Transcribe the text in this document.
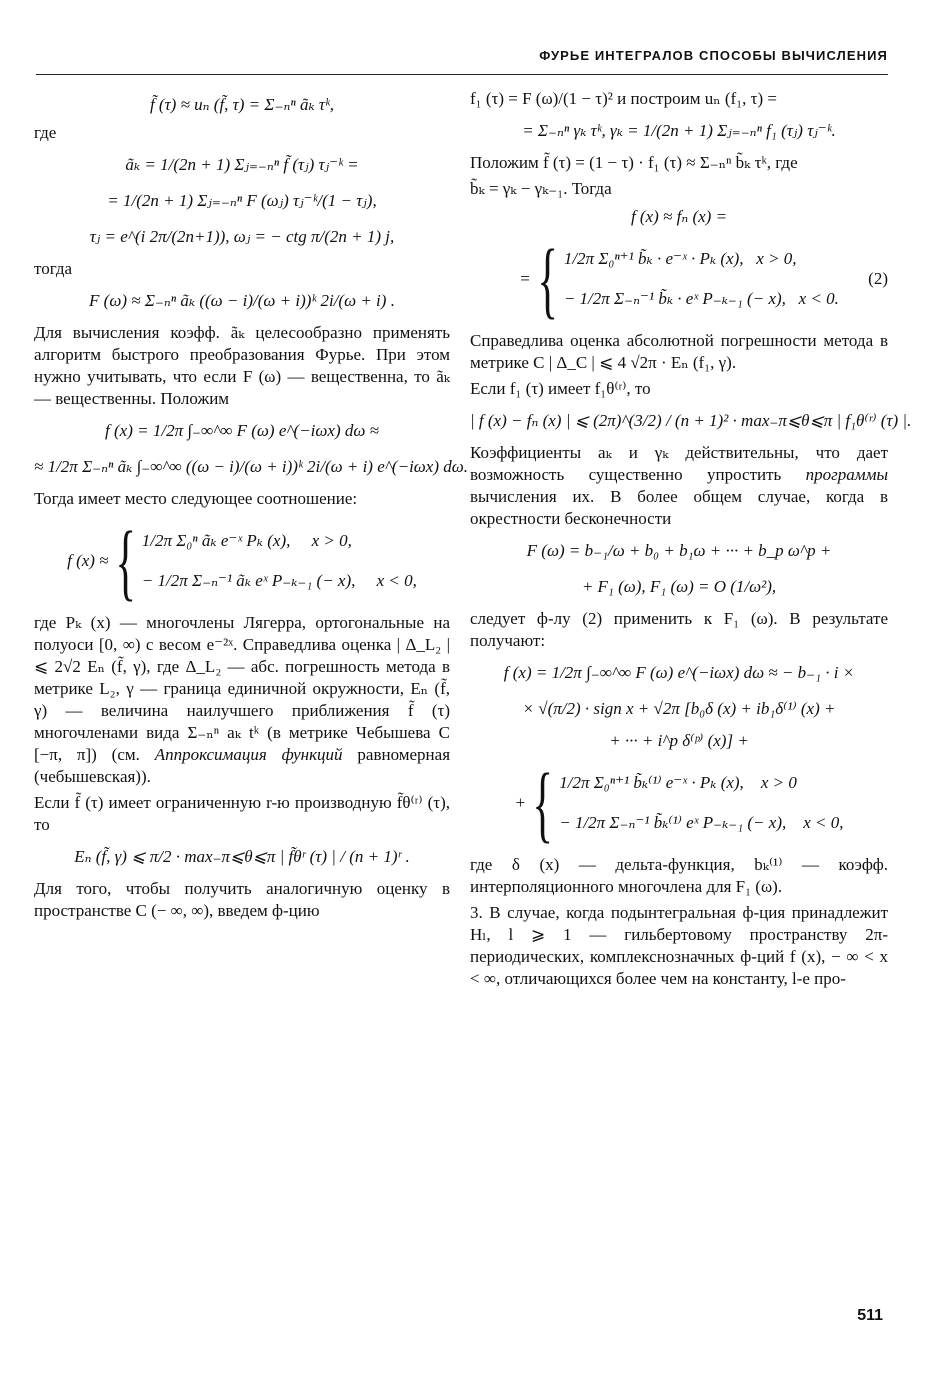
ФУРЬЕ ИНТЕГРАЛОВ СПОСОБЫ ВЫЧИСЛЕНИЯ
f̃ (τ) ≈ uₙ (f̃, τ) = Σ₋ₙⁿ ãₖ τᵏ,

где

ãₖ = 1/(2n + 1) Σⱼ₌₋ₙⁿ f̃ (τⱼ) τⱼ⁻ᵏ =
= 1/(2n + 1) Σⱼ₌₋ₙⁿ F (ωⱼ) τⱼ⁻ᵏ/(1 − τⱼ),
τⱼ = e^(i 2π/(2n+1)), ωⱼ = − ctg π/(2n + 1) j,

тогда

F (ω) ≈ Σ₋ₙⁿ ãₖ ((ω − i)/(ω + i))ᵏ 2i/(ω + i) .

Для вычисления коэфф. ãₖ целесообразно применять алгоритм быстрого преобразования Фурье. При этом нужно учитывать, что если F (ω) — вещественна, то ãₖ — вещественны. Положим

f (x) = 1/2π ∫₋∞^∞ F (ω) e^(−iωx) dω ≈
≈ 1/2π Σ₋ₙⁿ ãₖ ∫₋∞^∞ ((ω − i)/(ω + i))ᵏ 2i/(ω + i) e^(−iωx) dω.

Тогда имеет место следующее соотношение:

f (x) ≈ { 1/2π Σ₀ⁿ ãₖ e⁻ˣ Pₖ (x), x > 0,
− 1/2π Σ₋ₙ⁻¹ ãₖ eˣ P₋ₖ₋₁ (− x), x < 0,

где Pₖ (x) — многочлены Лягерра, ортогональные на полуоси [0, ∞) с весом e⁻²ˣ. Справедлива оценка | Δ_L₂ | ⩽ 2√2 Eₙ (f̃, γ), где Δ_L₂ — абс. погрешность метода в метрике L₂, γ — граница единичной окружности, Eₙ (f̃, γ) — величина наилучшего приближения f̃ (τ) многочленами вида Σ₋ₙⁿ aₖ tᵏ (в метрике Чебышева C [−π, π]) (см. Аппроксимация функций равномерная (чебышевская)).

Если f̃ (τ) имеет ограниченную r-ю производную f̃θ⁽ʳ⁾ (τ), то

Eₙ (f̃, γ) ⩽ π/2 · max₋π⩽θ⩽π | f̃θʳ (τ) | / (n + 1)ʳ .

Для того, чтобы получить аналогичную оценку в пространстве C (− ∞, ∞), введем ф-цию

f₁ (τ) = F (ω)/(1 − τ)² и построим uₙ (f₁, τ) =

= Σ₋ₙⁿ γₖ τᵏ, γₖ = 1/(2n + 1) Σⱼ₌₋ₙⁿ f₁ (τⱼ) τⱼ⁻ᵏ.

Положим f̃ (τ) = (1 − τ) · f₁ (τ) ≈ Σ₋ₙⁿ b̃ₖ τᵏ, где

b̃ₖ = γₖ − γₖ₋₁. Тогда

f (x) ≈ fₙ (x) =
= { 1/2π Σ₀ⁿ⁺¹ b̃ₖ · e⁻ˣ · Pₖ (x), x > 0,
− 1/2π Σ₋ₙ⁻¹ b̃ₖ · eˣ P₋ₖ₋₁ (− x), x < 0.
(2)

Справедлива оценка абсолютной погрешности метода в метрике C | Δ_C | ⩽ 4 √2π · Eₙ (f₁, γ).

Если f₁ (τ) имеет f₁θ⁽ʳ⁾, то

| f (x) − fₙ (x) | ⩽ (2π)^(3/2) / (n + 1)² · max₋π⩽θ⩽π | f₁θ⁽ʳ⁾ (τ) |.

Коэффициенты aₖ и γₖ действительны, что дает возможность существенно упростить программы вычисления их. В более общем случае, когда в окрестности бесконечности

F (ω) = b₋₁/ω + b₀ + b₁ω + ··· + b_p ω^p +
+ F₁ (ω), F₁ (ω) = O (1/ω²),

следует ф-лу (2) применить к F₁ (ω). В результате получают:

f (x) = 1/2π ∫₋∞^∞ F (ω) e^(−iωx) dω ≈ − b₋₁ · i ×
× √(π/2) · sign x + √2π [b₀δ (x) + ib₁δ⁽¹⁾ (x) +
+ ··· + i^p δ⁽ᵖ⁾ (x)] +
+ { 1/2π Σ₀ⁿ⁺¹ b̃ₖ⁽¹⁾ e⁻ˣ · Pₖ (x), x > 0
− 1/2π Σ₋ₙ⁻¹ b̃ₖ⁽¹⁾ eˣ P₋ₖ₋₁ (− x), x < 0,

где δ (x) — дельта-функция, bₖ⁽¹⁾ — коэфф. интерполяционного многочлена для F₁ (ω).

3. В случае, когда подынтегральная ф-ция принадлежит Hₗ, l ⩾ 1 — гильбертовому пространству 2π-периодических, комплекснозначных ф-ций f (x), − ∞ < x < ∞, отличающихся более чем на константу, l-е про-

511
